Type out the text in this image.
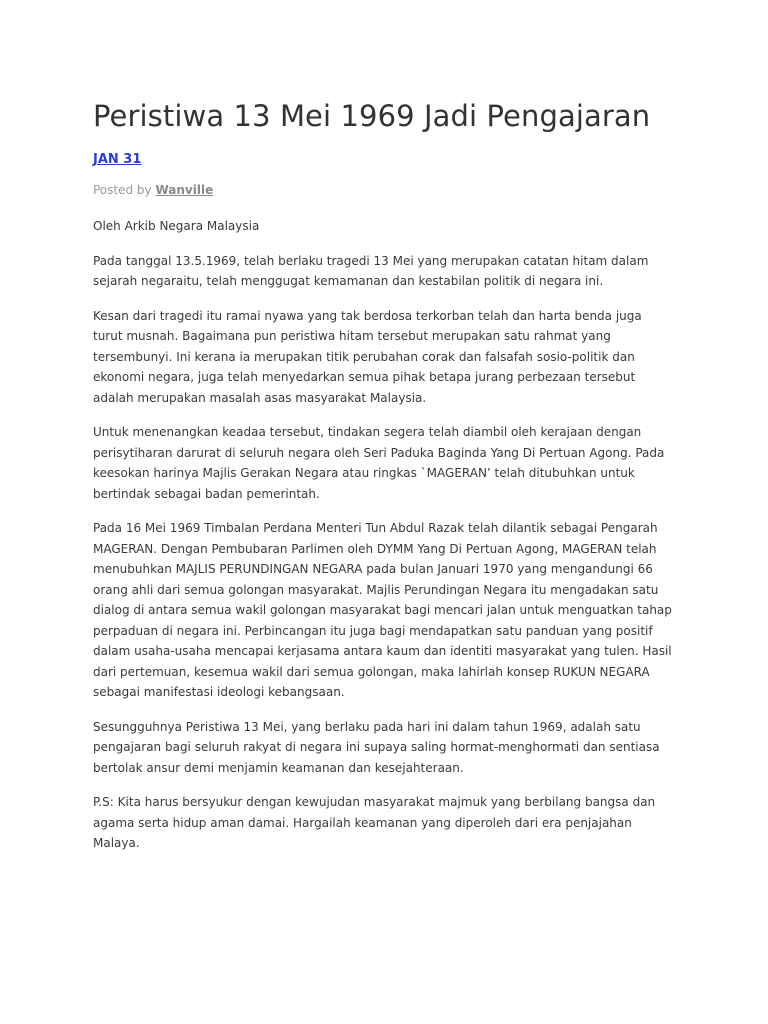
Peristiwa 13 Mei 1969 Jadi Pengajaran
JAN 31
Posted by Wanville

Oleh Arkib Negara Malaysia

Pada tanggal 13.5.1969, telah berlaku tragedi 13 Mei yang merupakan catatan hitam dalam sejarah negaraitu, telah menggugat kemamanan dan kestabilan politik di negara ini.

Kesan dari tragedi itu ramai nyawa yang tak berdosa terkorban telah dan harta benda juga turut musnah. Bagaimana pun peristiwa hitam tersebut merupakan satu rahmat yang tersembunyi. Ini kerana ia merupakan titik perubahan corak dan falsafah sosio-politik dan ekonomi negara, juga telah menyedarkan semua pihak betapa jurang perbezaan tersebut adalah merupakan masalah asas masyarakat Malaysia.

Untuk menenangkan keadaa tersebut, tindakan segera telah diambil oleh kerajaan dengan perisytiharan darurat di seluruh negara oleh Seri Paduka Baginda Yang Di Pertuan Agong. Pada keesokan harinya Majlis Gerakan Negara atau ringkas `MAGERAN’ telah ditubuhkan untuk bertindak sebagai badan pemerintah.

Pada 16 Mei 1969 Timbalan Perdana Menteri Tun Abdul Razak telah dilantik sebagai Pengarah MAGERAN. Dengan Pembubaran Parlimen oleh DYMM Yang Di Pertuan Agong, MAGERAN telah menubuhkan MAJLIS PERUNDINGAN NEGARA pada bulan Januari 1970 yang mengandungi 66 orang ahli dari semua golongan masyarakat. Majlis Perundingan Negara itu mengadakan satu dialog di antara semua wakil golongan masyarakat bagi mencari jalan untuk menguatkan tahap perpaduan di negara ini. Perbincangan itu juga bagi mendapatkan satu panduan yang positif dalam usaha-usaha mencapai kerjasama antara kaum dan identiti masyarakat yang tulen. Hasil dari pertemuan, kesemua wakil dari semua golongan, maka lahirlah konsep RUKUN NEGARA sebagai manifestasi ideologi kebangsaan.

Sesungguhnya Peristiwa 13 Mei, yang berlaku pada hari ini dalam tahun 1969, adalah satu pengajaran bagi seluruh rakyat di negara ini supaya saling hormat-menghormati dan sentiasa bertolak ansur demi menjamin keamanan dan kesejahteraan.

P.S: Kita harus bersyukur dengan kewujudan masyarakat majmuk yang berbilang bangsa dan agama serta hidup aman damai. Hargailah keamanan yang diperoleh dari era penjajahan Malaya.
